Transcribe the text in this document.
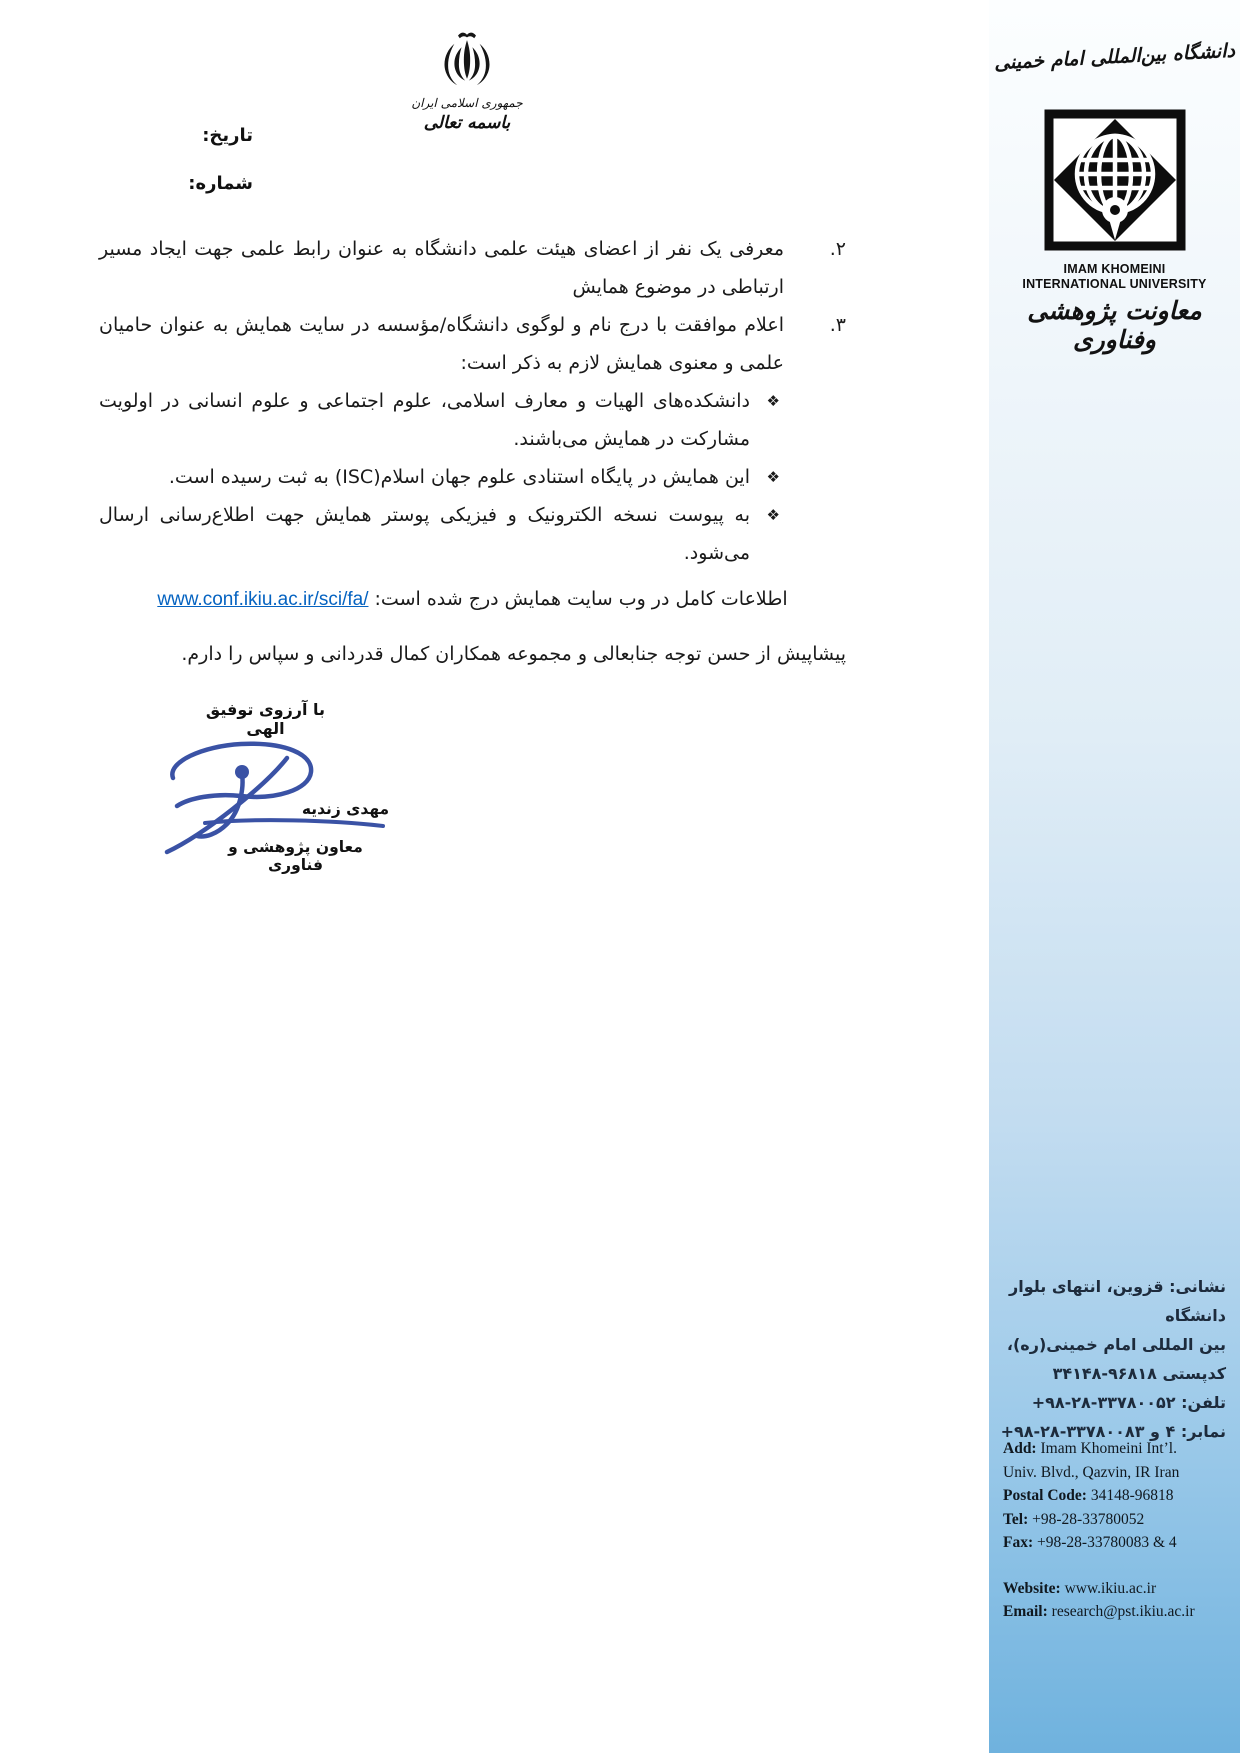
جمهوری اسلامی ایران
باسمه تعالی
تاریخ:
شماره:
۲.
معرفی یک نفر از اعضای هیئت علمی دانشگاه به عنوان رابط علمی جهت ایجاد مسیر ارتباطی در موضوع همایش
۳.
اعلام موافقت با درج نام و لوگوی دانشگاه/مؤسسه در سایت همایش به عنوان حامیان علمی و معنوی همایش لازم به ذکر است:
❖
دانشکده‌های الهیات و معارف اسلامی، علوم اجتماعی و علوم انسانی در اولویت مشارکت در همایش می‌باشند.
❖
این همایش در پایگاه استنادی علوم جهان اسلام(ISC) به ثبت رسیده است.
❖
به پیوست نسخه الکترونیک و فیزیکی پوستر همایش جهت اطلاع‌رسانی ارسال می‌شود.
اطلاعات کامل در وب سایت همایش درج شده است: www.conf.ikiu.ac.ir/sci/fa/
پیشاپیش از حسن توجه جنابعالی و مجموعه همکاران کمال قدردانی و سپاس را دارم.
با آرزوی توفیق الهی
مهدی زندیه
معاون پژوهشی و فناوری
دانشگاه بین‌المللی امام خمینی
IMAM KHOMEINI
INTERNATIONAL UNIVERSITY
معاونت پژوهشی وفناوری
نشانی: قزوین، انتهای بلوار دانشگاه
بین المللی امام خمینی(ره)،
کدپستی ۳۴۱۴۸-۹۶۸۱۸
تلفن: +۹۸-۲۸-۳۳۷۸۰۰۵۲
نمابر: ۴ و +۹۸-۲۸-۳۳۷۸۰۰۸۳
Add: Imam Khomeini Int’l.
Univ. Blvd., Qazvin, IR Iran
Postal Code: 34148-96818
Tel: +98-28-33780052
Fax: +98-28-33780083 & 4
Website: www.ikiu.ac.ir
Email: research@pst.ikiu.ac.ir
